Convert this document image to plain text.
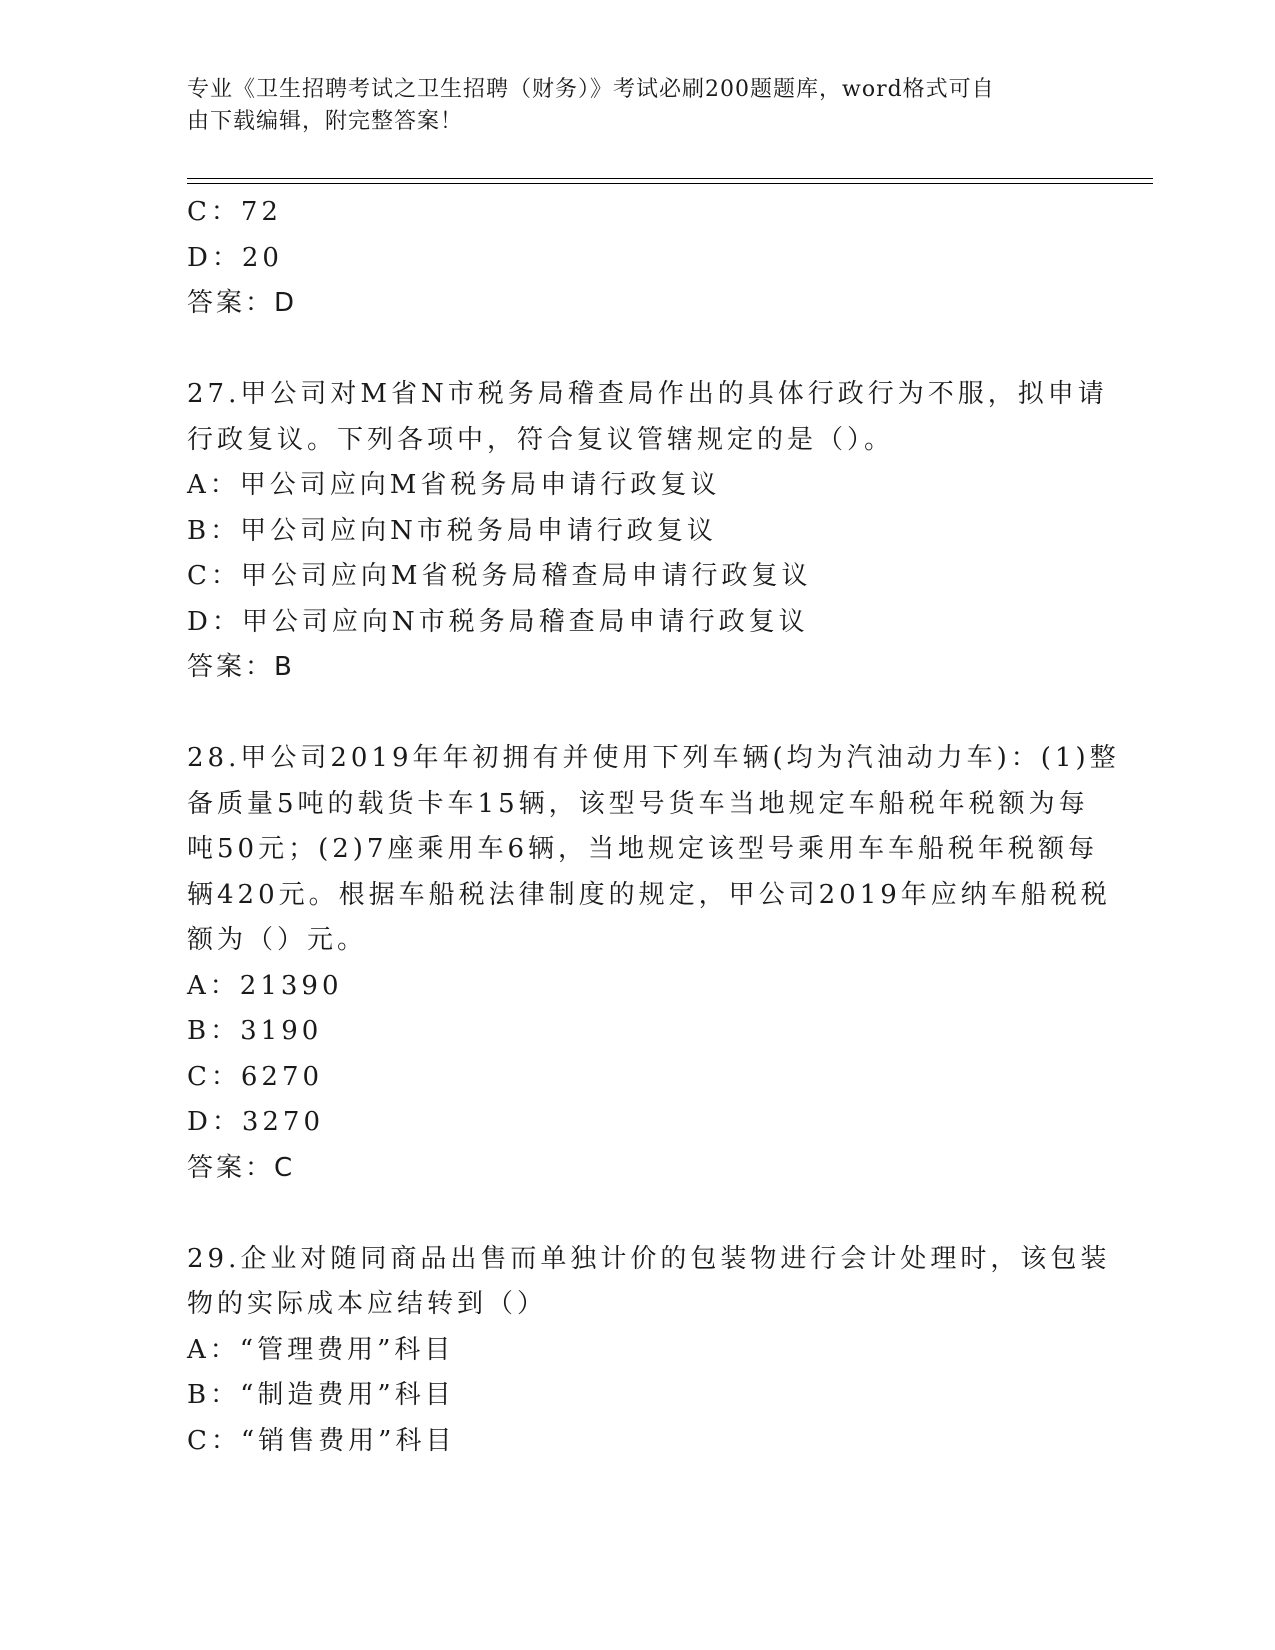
专业《卫生招聘考试之卫生招聘（财务）》考试必刷200题题库，word格式可自
由下载编辑，附完整答案！
C：72
D：20
答案：D
27.甲公司对M省N市税务局稽查局作出的具体行政行为不服，拟申请
行政复议。下列各项中，符合复议管辖规定的是（）。
A：甲公司应向M省税务局申请行政复议
B：甲公司应向N市税务局申请行政复议
C：甲公司应向M省税务局稽查局申请行政复议
D：甲公司应向N市税务局稽查局申请行政复议
答案：B
28.甲公司2019年年初拥有并使用下列车辆(均为汽油动力车)：(1)整
备质量5吨的载货卡车15辆，该型号货车当地规定车船税年税额为每
吨50元；(2)7座乘用车6辆，当地规定该型号乘用车车船税年税额每
辆420元。根据车船税法律制度的规定，甲公司2019年应纳车船税税
额为（）元。
A：21390
B：3190
C：6270
D：3270
答案：C
29.企业对随同商品出售而单独计价的包装物进行会计处理时，该包装
物的实际成本应结转到（）
A：“管理费用”科目
B：“制造费用”科目
C：“销售费用”科目
